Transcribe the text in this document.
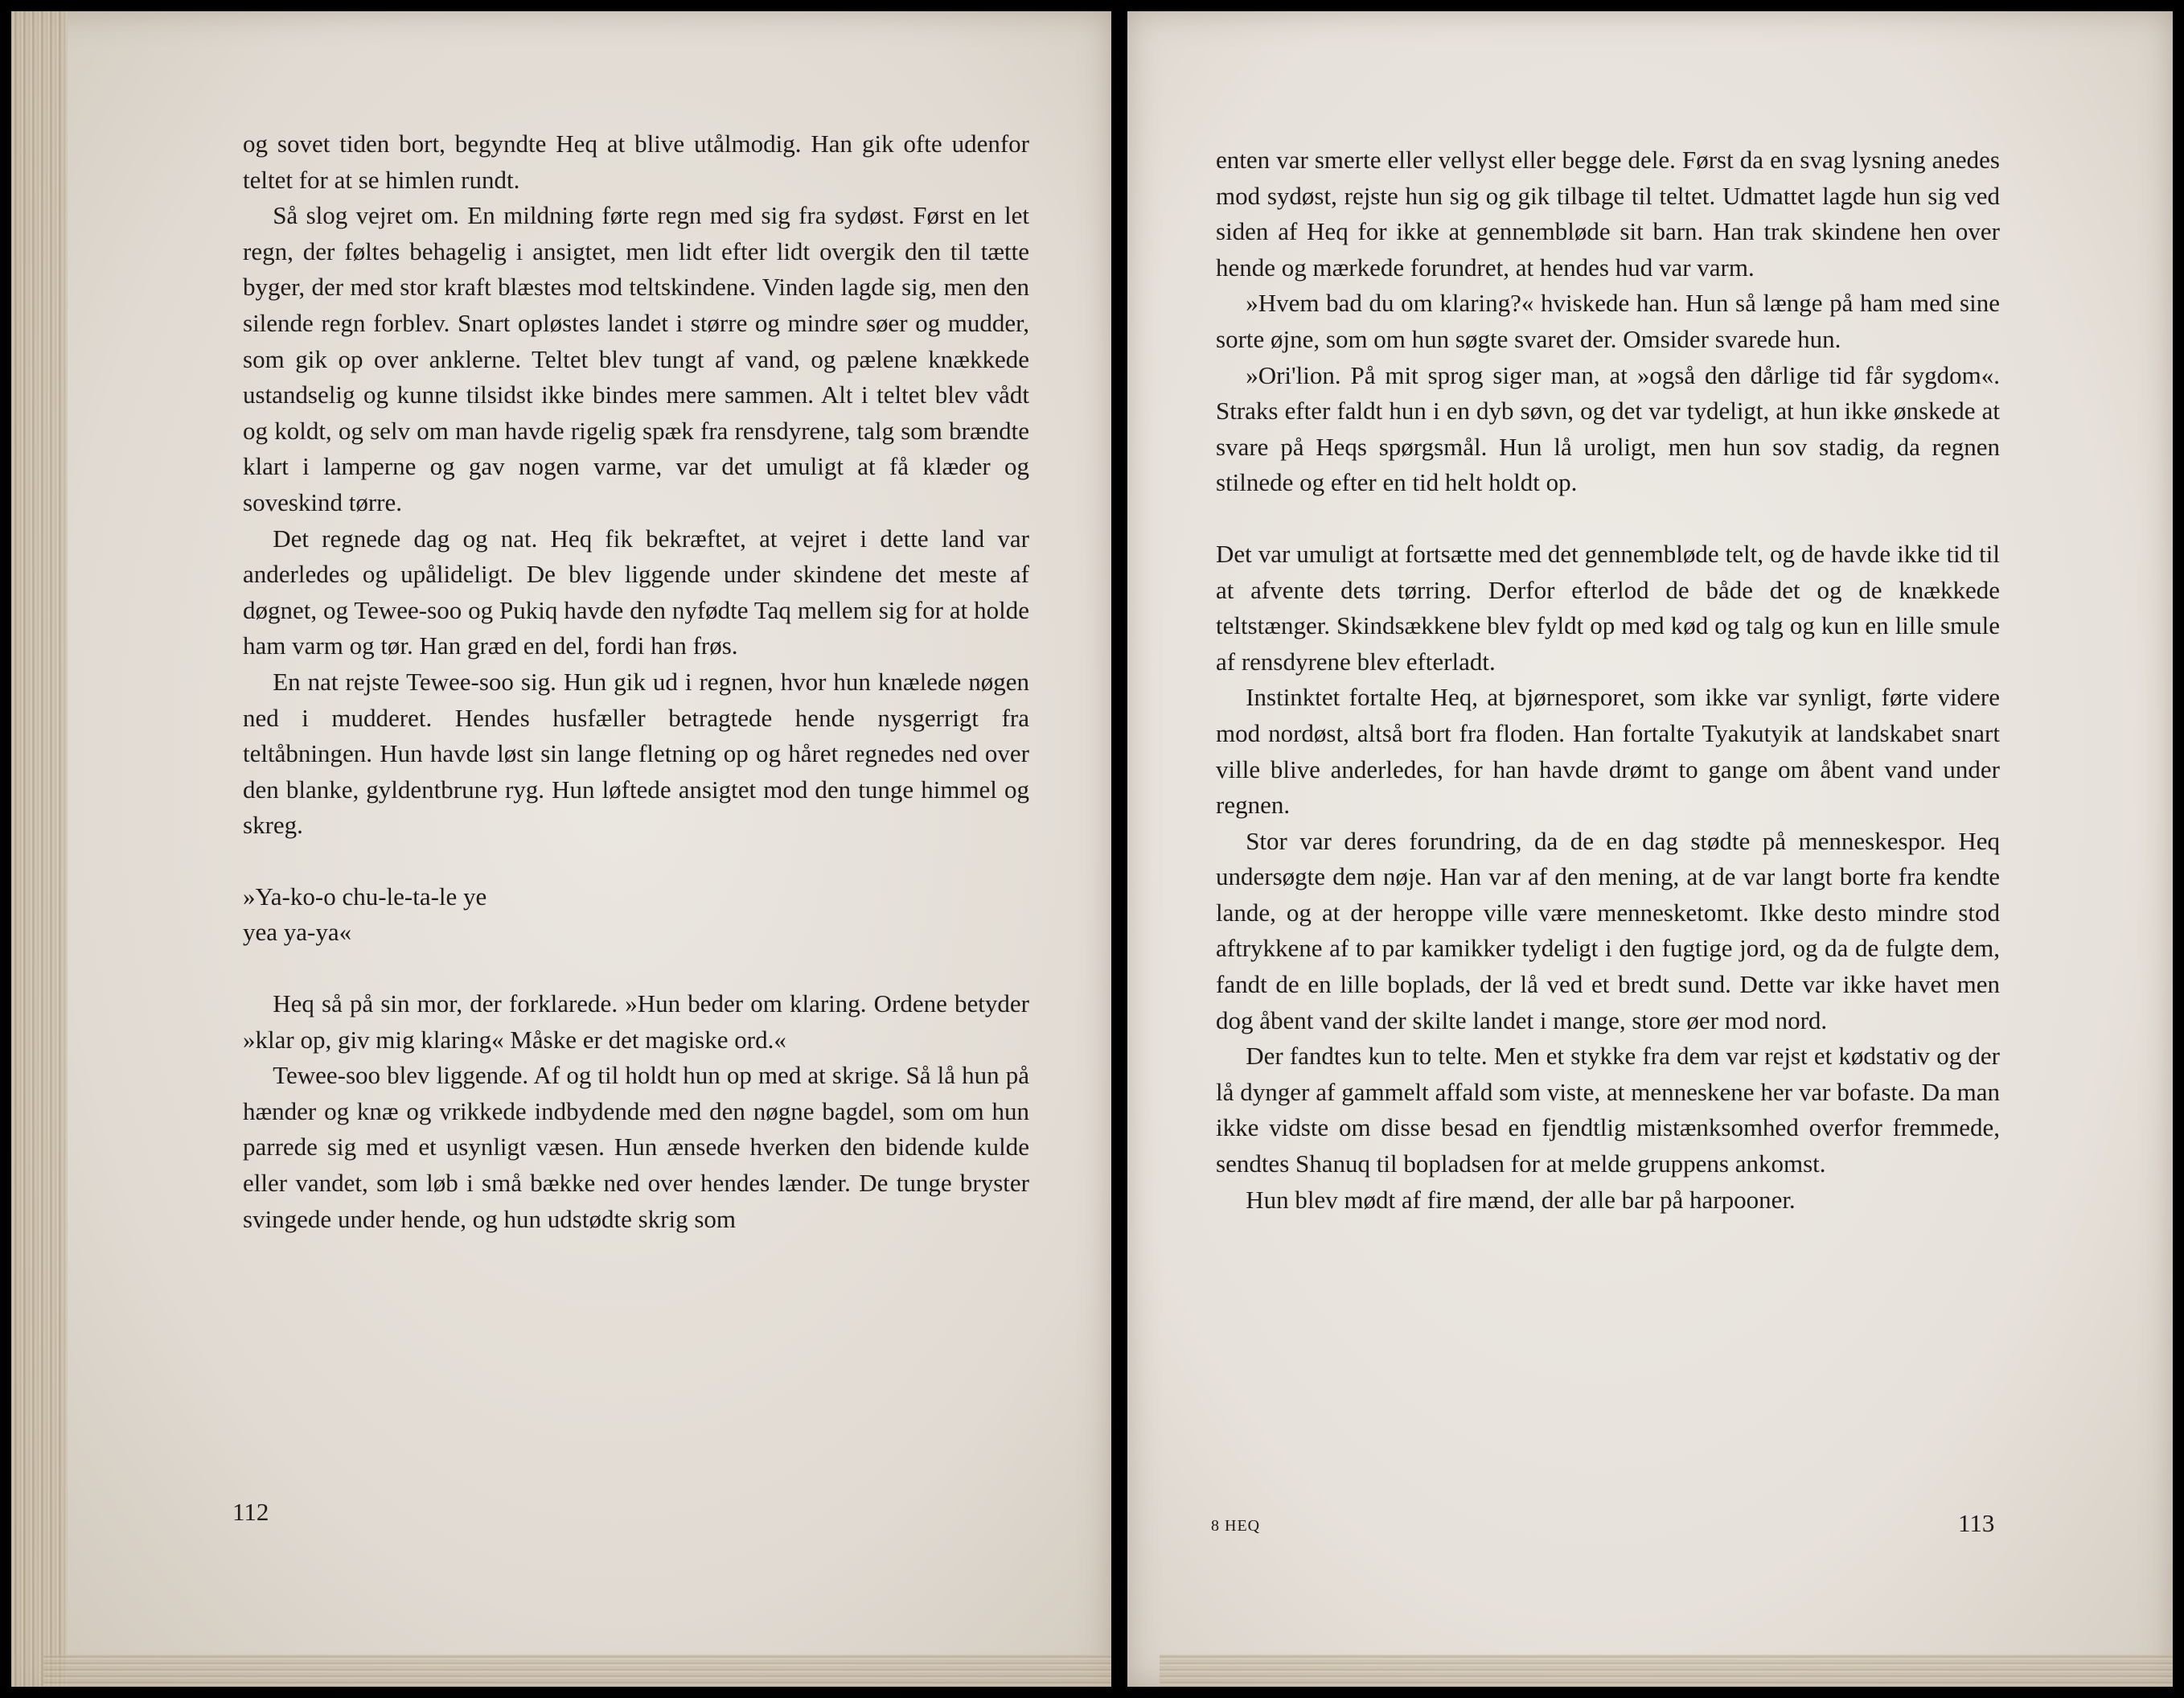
og sovet tiden bort, begyndte Heq at blive utålmodig. Han gik ofte udenfor teltet for at se himlen rundt.

Så slog vejret om. En mildning førte regn med sig fra sydøst. Først en let regn, der føltes behagelig i ansigtet, men lidt efter lidt overgik den til tætte byger, der med stor kraft blæstes mod teltskindene. Vinden lagde sig, men den silende regn forblev. Snart opløstes landet i større og mindre søer og mudder, som gik op over anklerne. Teltet blev tungt af vand, og pælene knækkede ustandselig og kunne tilsidst ikke bindes mere sammen. Alt i teltet blev vådt og koldt, og selv om man havde rigelig spæk fra rensdyrene, talg som brændte klart i lamperne og gav nogen varme, var det umuligt at få klæder og soveskind tørre.

Det regnede dag og nat. Heq fik bekræftet, at vejret i dette land var anderledes og upålideligt. De blev liggende under skindene det meste af døgnet, og Tewee-soo og Pukiq havde den nyfødte Taq mellem sig for at holde ham varm og tør. Han græd en del, fordi han frøs.

En nat rejste Tewee-soo sig. Hun gik ud i regnen, hvor hun knælede nøgen ned i mudderet. Hendes husfæller betragtede hende nysgerrigt fra teltåbningen. Hun havde løst sin lange fletning op og håret regnedes ned over den blanke, gyldentbrune ryg. Hun løftede ansigtet mod den tunge himmel og skreg.

»Ya-ko-o chu-le-ta-le ye
yea ya-ya«

Heq så på sin mor, der forklarede. »Hun beder om klaring. Ordene betyder »klar op, giv mig klaring« Måske er det magiske ord.«

Tewee-soo blev liggende. Af og til holdt hun op med at skrige. Så lå hun på hænder og knæ og vrikkede indbydende med den nøgne bagdel, som om hun parrede sig med et usynligt væsen. Hun ænsede hverken den bidende kulde eller vandet, som løb i små bække ned over hendes lænder. De tunge bryster svingede under hende, og hun udstødte skrig som

112

enten var smerte eller vellyst eller begge dele. Først da en svag lysning anedes mod sydøst, rejste hun sig og gik tilbage til teltet. Udmattet lagde hun sig ved siden af Heq for ikke at gennembløde sit barn. Han trak skindene hen over hende og mærkede forundret, at hendes hud var varm.

»Hvem bad du om klaring?« hviskede han. Hun så længe på ham med sine sorte øjne, som om hun søgte svaret der. Omsider svarede hun.

»Ori'lion. På mit sprog siger man, at »også den dårlige tid får sygdom«. Straks efter faldt hun i en dyb søvn, og det var tydeligt, at hun ikke ønskede at svare på Heqs spørgsmål. Hun lå uroligt, men hun sov stadig, da regnen stilnede og efter en tid helt holdt op.

Det var umuligt at fortsætte med det gennembløde telt, og de havde ikke tid til at afvente dets tørring. Derfor efterlod de både det og de knækkede teltstænger. Skindsækkene blev fyldt op med kød og talg og kun en lille smule af rensdyrene blev efterladt.

Instinktet fortalte Heq, at bjørnesporet, som ikke var synligt, førte videre mod nordøst, altså bort fra floden. Han fortalte Tyakutyik at landskabet snart ville blive anderledes, for han havde drømt to gange om åbent vand under regnen.

Stor var deres forundring, da de en dag stødte på menneskespor. Heq undersøgte dem nøje. Han var af den mening, at de var langt borte fra kendte lande, og at der heroppe ville være mennesketomt. Ikke desto mindre stod aftrykkene af to par kamikker tydeligt i den fugtige jord, og da de fulgte dem, fandt de en lille boplads, der lå ved et bredt sund. Dette var ikke havet men dog åbent vand der skilte landet i mange, store øer mod nord.

Der fandtes kun to telte. Men et stykke fra dem var rejst et kødstativ og der lå dynger af gammelt affald som viste, at menneskene her var bofaste. Da man ikke vidste om disse besad en fjendtlig mistænksomhed overfor fremmede, sendtes Shanuq til bopladsen for at melde gruppens ankomst.

Hun blev mødt af fire mænd, der alle bar på harpooner.

8 HEQ	113
